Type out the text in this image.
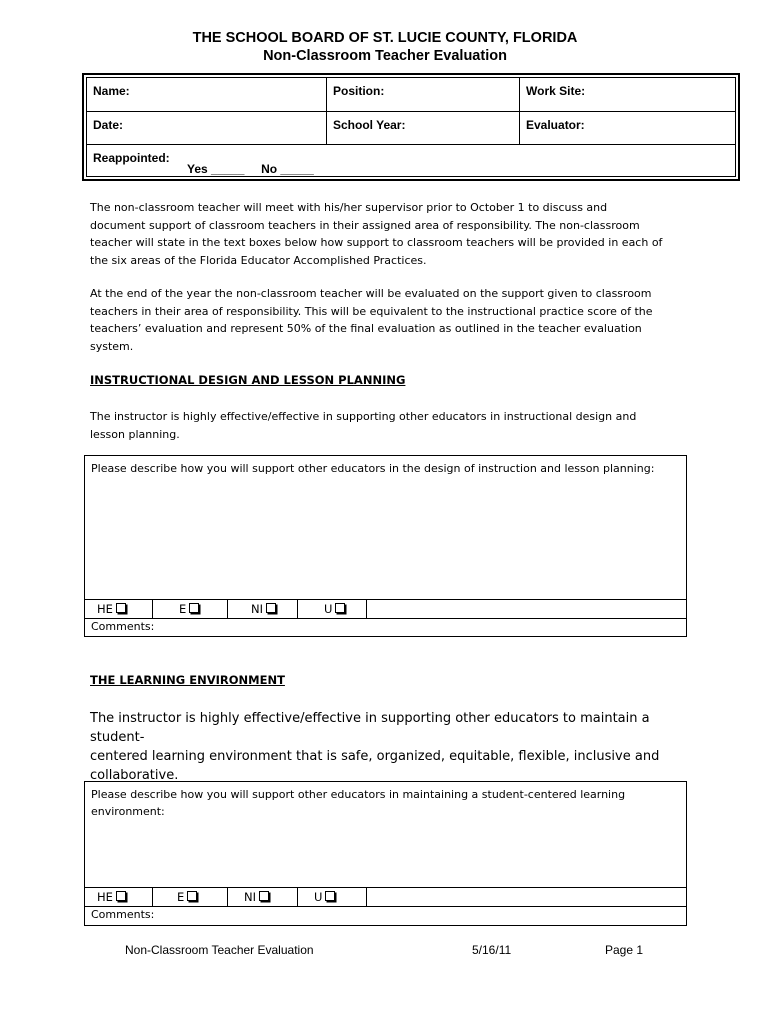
THE SCHOOL BOARD OF ST. LUCIE COUNTY, FLORIDA
Non-Classroom Teacher Evaluation
Name:	Position:	Work Site:
Date:	School Year:	Evaluator:
Reappointed:
Yes _____     No _____
The non-classroom teacher will meet with his/her supervisor prior to October 1 to discuss and
document support of classroom teachers in their assigned area of responsibility. The non-classroom
teacher will state in the text boxes below how support to classroom teachers will be provided in each of
the six areas of the Florida Educator Accomplished Practices.
At the end of the year the non-classroom teacher will be evaluated on the support given to classroom
teachers in their area of responsibility. This will be equivalent to the instructional practice score of the
teachers’ evaluation and represent 50% of the final evaluation as outlined in the teacher evaluation
system.
INSTRUCTIONAL DESIGN AND LESSON PLANNING
The instructor is highly effective/effective in supporting other educators in instructional design and
lesson planning.
Please describe how you will support other educators in the design of instruction and lesson planning:
HE	E	NI	U
Comments:
THE LEARNING ENVIRONMENT
The instructor is highly effective/effective in supporting other educators to maintain a student-
centered learning environment that is safe, organized, equitable, flexible, inclusive and
collaborative.
Please describe how you will support other educators in maintaining a student-centered learning environment:
HE	E	NI	U
Comments:
Non-Classroom Teacher Evaluation	5/16/11	Page 1
